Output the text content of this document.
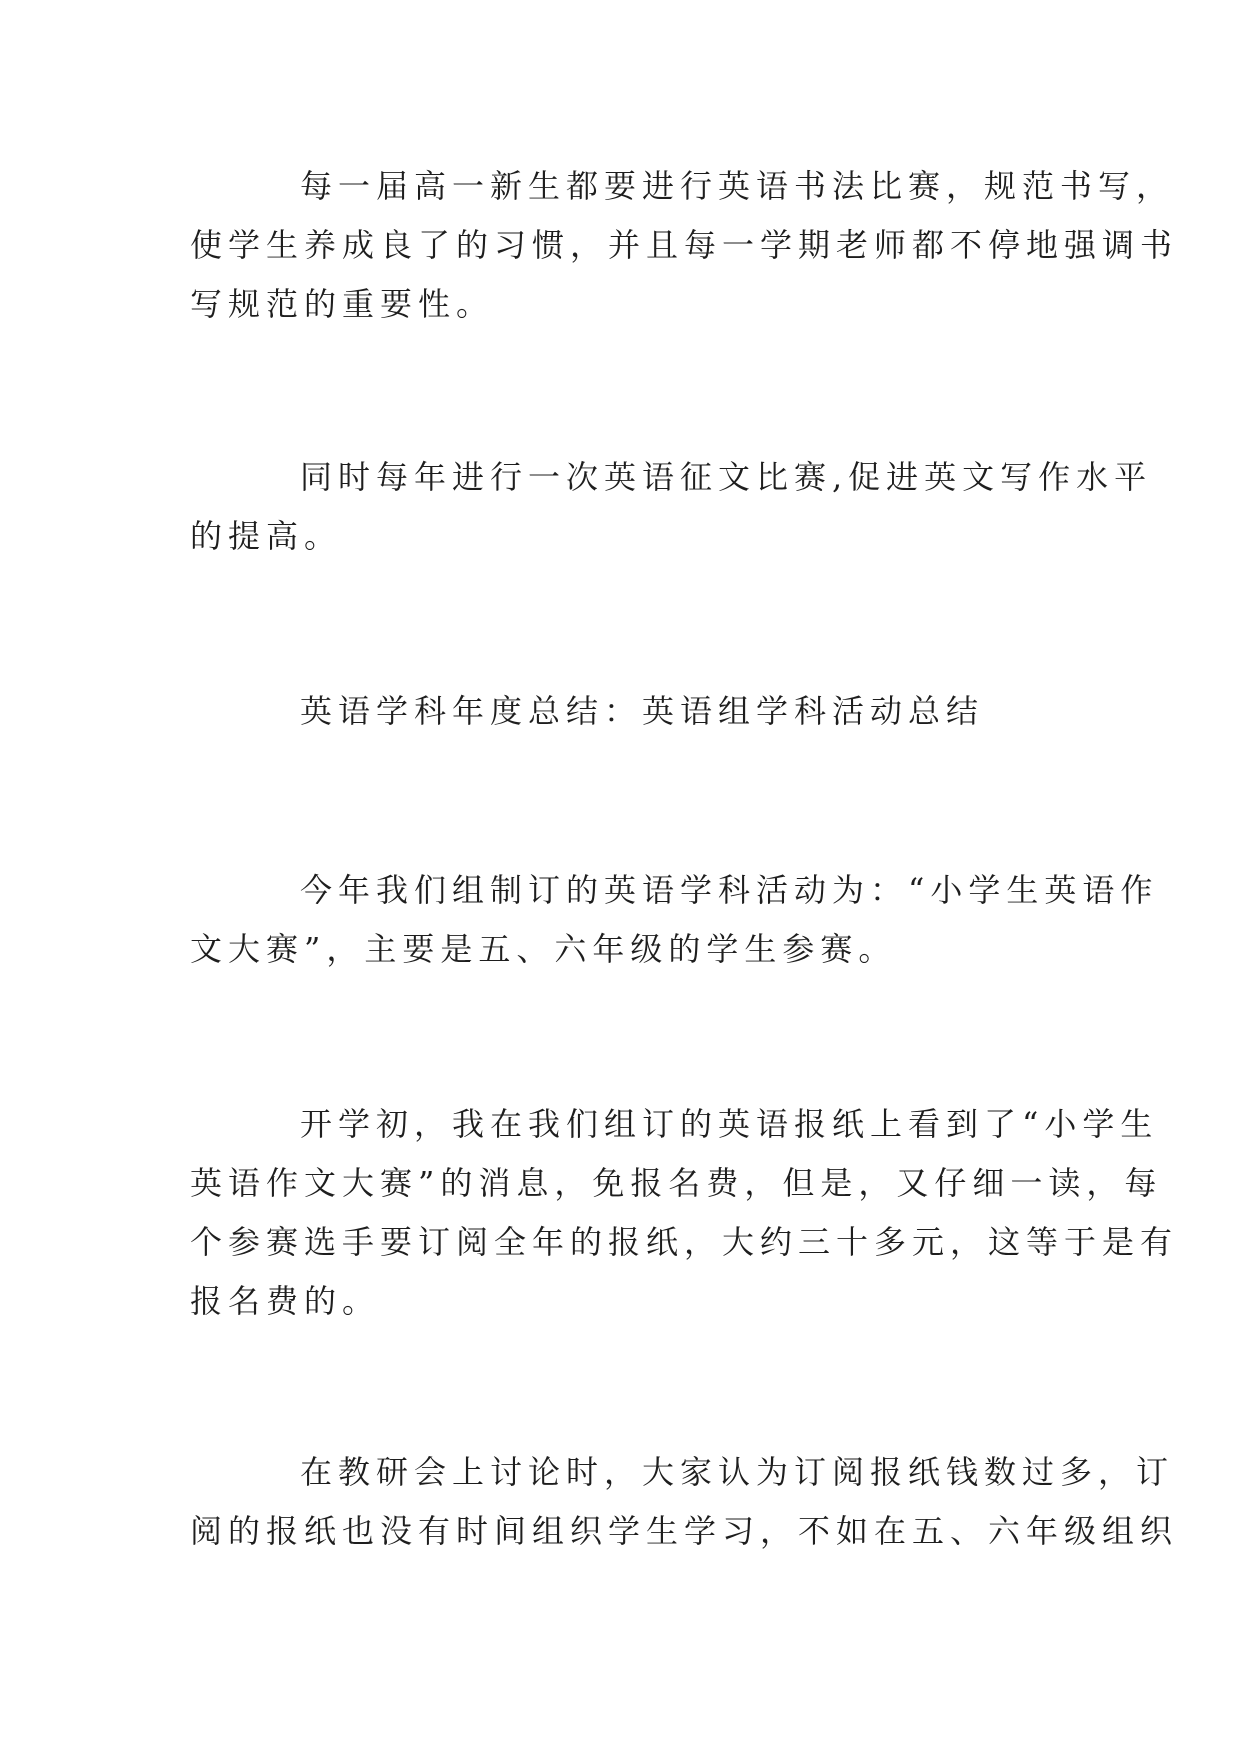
每一届高一新生都要进行英语书法比赛，规范书写，
使学生养成良了的习惯，并且每一学期老师都不停地强调书
写规范的重要性。
同时每年进行一次英语征文比赛,促进英文写作水平
的提高。
英语学科年度总结：英语组学科活动总结
今年我们组制订的英语学科活动为：“小学生英语作
文大赛”，主要是五、六年级的学生参赛。
开学初，我在我们组订的英语报纸上看到了“小学生
英语作文大赛”的消息，免报名费，但是，又仔细一读，每
个参赛选手要订阅全年的报纸，大约三十多元，这等于是有
报名费的。
在教研会上讨论时，大家认为订阅报纸钱数过多，订
阅的报纸也没有时间组织学生学习，不如在五、六年级组织
